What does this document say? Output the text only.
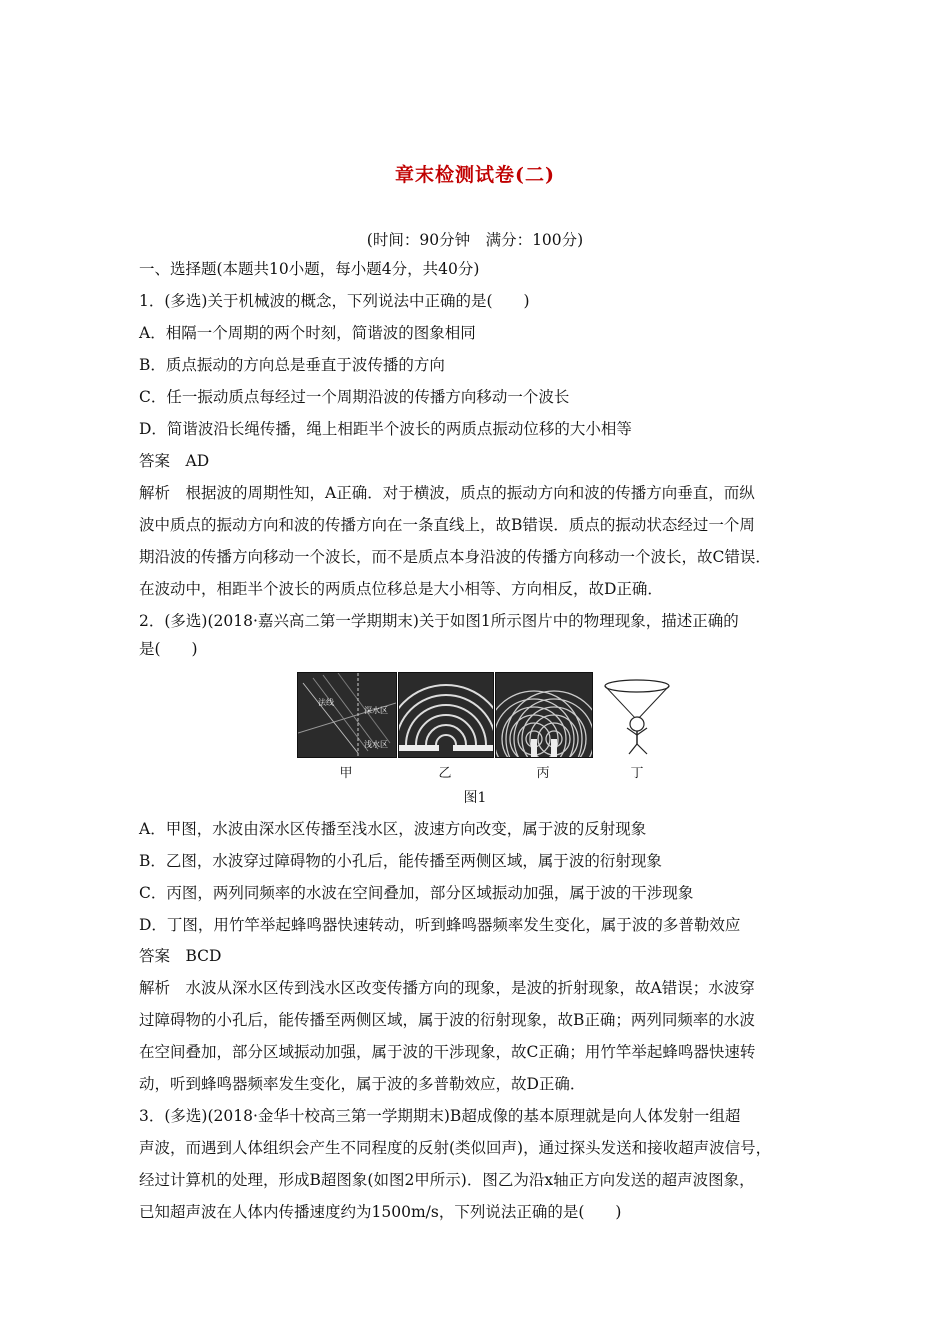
章末检测试卷(二)
(时间：90分钟　满分：100分)
一、选择题(本题共10小题，每小题4分，共40分)
1．(多选)关于机械波的概念，下列说法中正确的是(　　)
A．相隔一个周期的两个时刻，简谐波的图象相同
B．质点振动的方向总是垂直于波传播的方向
C．任一振动质点每经过一个周期沿波的传播方向移动一个波长
D．简谐波沿长绳传播，绳上相距半个波长的两质点振动位移的大小相等
答案　AD
解析　根据波的周期性知，A正确．对于横波，质点的振动方向和波的传播方向垂直，而纵
波中质点的振动方向和波的传播方向在一条直线上，故B错误．质点的振动状态经过一个周
期沿波的传播方向移动一个波长，而不是质点本身沿波的传播方向移动一个波长，故C错误．
在波动中，相距半个波长的两质点位移总是大小相等、方向相反，故D正确．
2．(多选)(2018·嘉兴高二第一学期期末)关于如图1所示图片中的物理现象，描述正确的
是(　　)
法线
深水区
浅水区
甲	乙	丙	丁
图1
A．甲图，水波由深水区传播至浅水区，波速方向改变，属于波的反射现象
B．乙图，水波穿过障碍物的小孔后，能传播至两侧区域，属于波的衍射现象
C．丙图，两列同频率的水波在空间叠加，部分区域振动加强，属于波的干涉现象
D．丁图，用竹竿举起蜂鸣器快速转动，听到蜂鸣器频率发生变化，属于波的多普勒效应
答案　BCD
解析　水波从深水区传到浅水区改变传播方向的现象，是波的折射现象，故A错误；水波穿
过障碍物的小孔后，能传播至两侧区域，属于波的衍射现象，故B正确；两列同频率的水波
在空间叠加，部分区域振动加强，属于波的干涉现象，故C正确；用竹竿举起蜂鸣器快速转
动，听到蜂鸣器频率发生变化，属于波的多普勒效应，故D正确．
3．(多选)(2018·金华十校高三第一学期期末)B超成像的基本原理就是向人体发射一组超
声波，而遇到人体组织会产生不同程度的反射(类似回声)，通过探头发送和接收超声波信号，
经过计算机的处理，形成B超图象(如图2甲所示)．图乙为沿x轴正方向发送的超声波图象，
已知超声波在人体内传播速度约为1500m/s，下列说法正确的是(　　)
